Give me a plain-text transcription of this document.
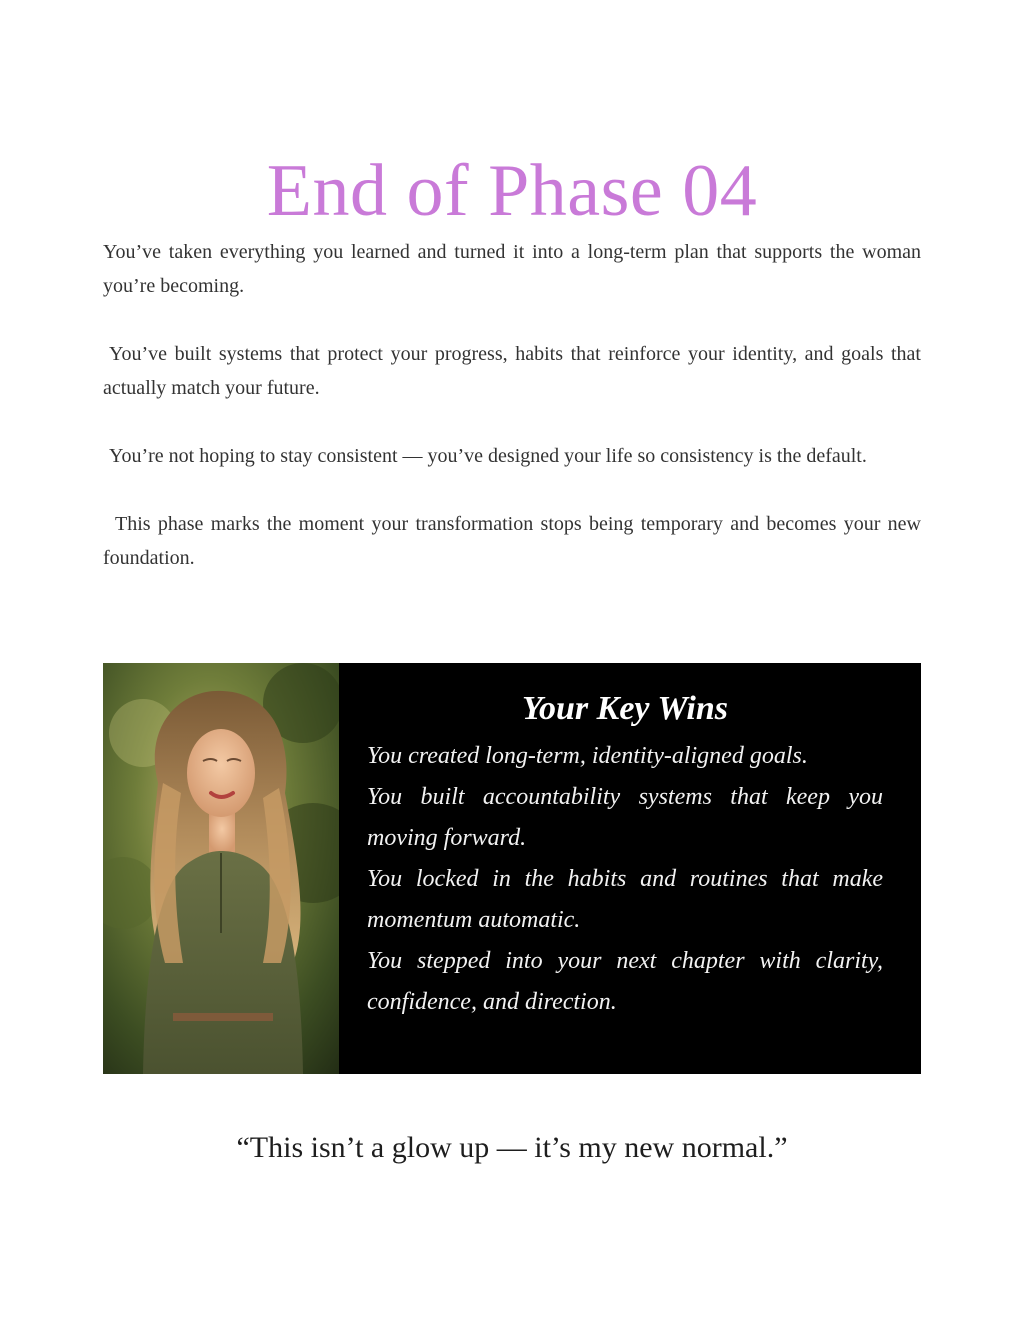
End of Phase 04

You’ve taken everything you learned and turned it into a long-term plan that supports the woman you’re becoming.

You’ve built systems that protect your progress, habits that reinforce your identity, and goals that actually match your future.

You’re not hoping to stay consistent — you’ve designed your life so consistency is the default.

This phase marks the moment your transformation stops being temporary and becomes your new foundation.

Your Key Wins
You created long-term, identity-aligned goals.
You built accountability systems that keep you moving forward.
You locked in the habits and routines that make momentum automatic.
You stepped into your next chapter with clarity, confidence, and direction.
“This isn’t a glow up — it’s my new normal.”
